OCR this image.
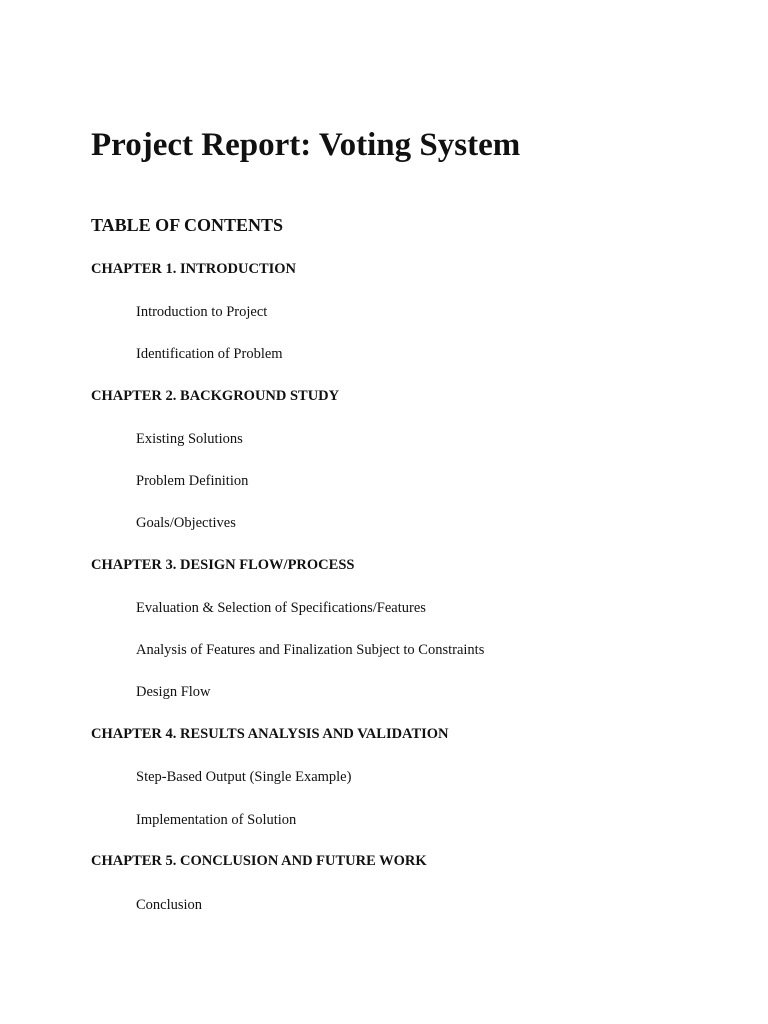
Project Report: Voting System
TABLE OF CONTENTS

CHAPTER 1. INTRODUCTION

Introduction to Project

Identification of Problem

CHAPTER 2. BACKGROUND STUDY

Existing Solutions

Problem Definition

Goals/Objectives

CHAPTER 3. DESIGN FLOW/PROCESS

Evaluation & Selection of Specifications/Features

Analysis of Features and Finalization Subject to Constraints

Design Flow

CHAPTER 4. RESULTS ANALYSIS AND VALIDATION

Step-Based Output (Single Example)

Implementation of Solution

CHAPTER 5. CONCLUSION AND FUTURE WORK

Conclusion
